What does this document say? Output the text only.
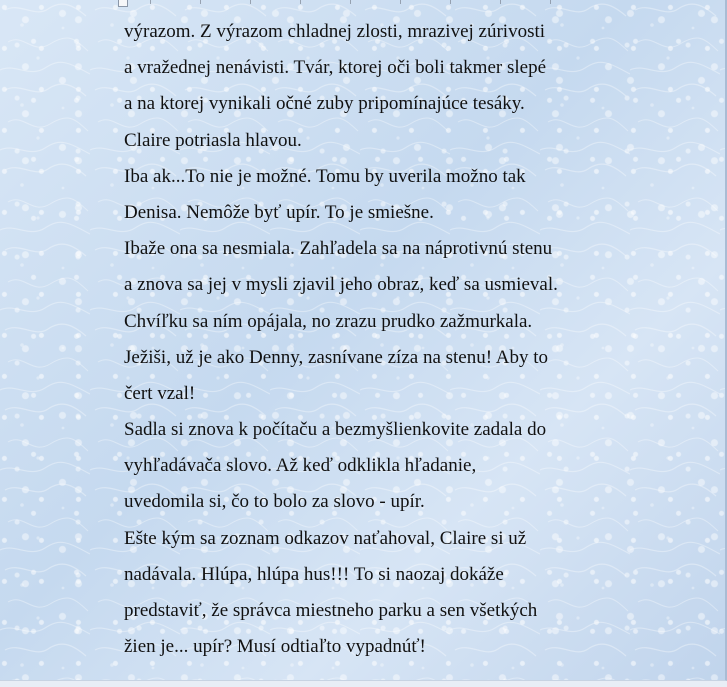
výrazom. Z výrazom chladnej zlosti, mrazivej zúrivosti
a vražednej nenávisti. Tvár, ktorej oči boli takmer slepé
a na ktorej vynikali očné zuby pripomínajúce tesáky.
Claire potriasla hlavou.
Iba ak...To nie je možné. Tomu by uverila možno tak
Denisa. Nemôže byť upír. To je smiešne.
Ibaže ona sa nesmiala. Zahľadela sa na náprotivnú stenu
a znova sa jej v mysli zjavil jeho obraz, keď sa usmieval.
Chvíľku sa ním opájala, no zrazu prudko zažmurkala.
Ježiši, už je ako Denny, zasnívane zíza na stenu! Aby to
čert vzal!
Sadla si znova k počítaču a bezmyšlienkovite zadala do
vyhľadávača slovo. Až keď odklikla hľadanie,
uvedomila si, čo to bolo za slovo - upír.
Ešte kým sa zoznam odkazov naťahoval, Claire si už
nadávala. Hlúpa, hlúpa hus!!! To si naozaj dokáže
predstaviť, že správca miestneho parku a sen všetkých
žien je... upír? Musí odtiaľto vypadnúť!
